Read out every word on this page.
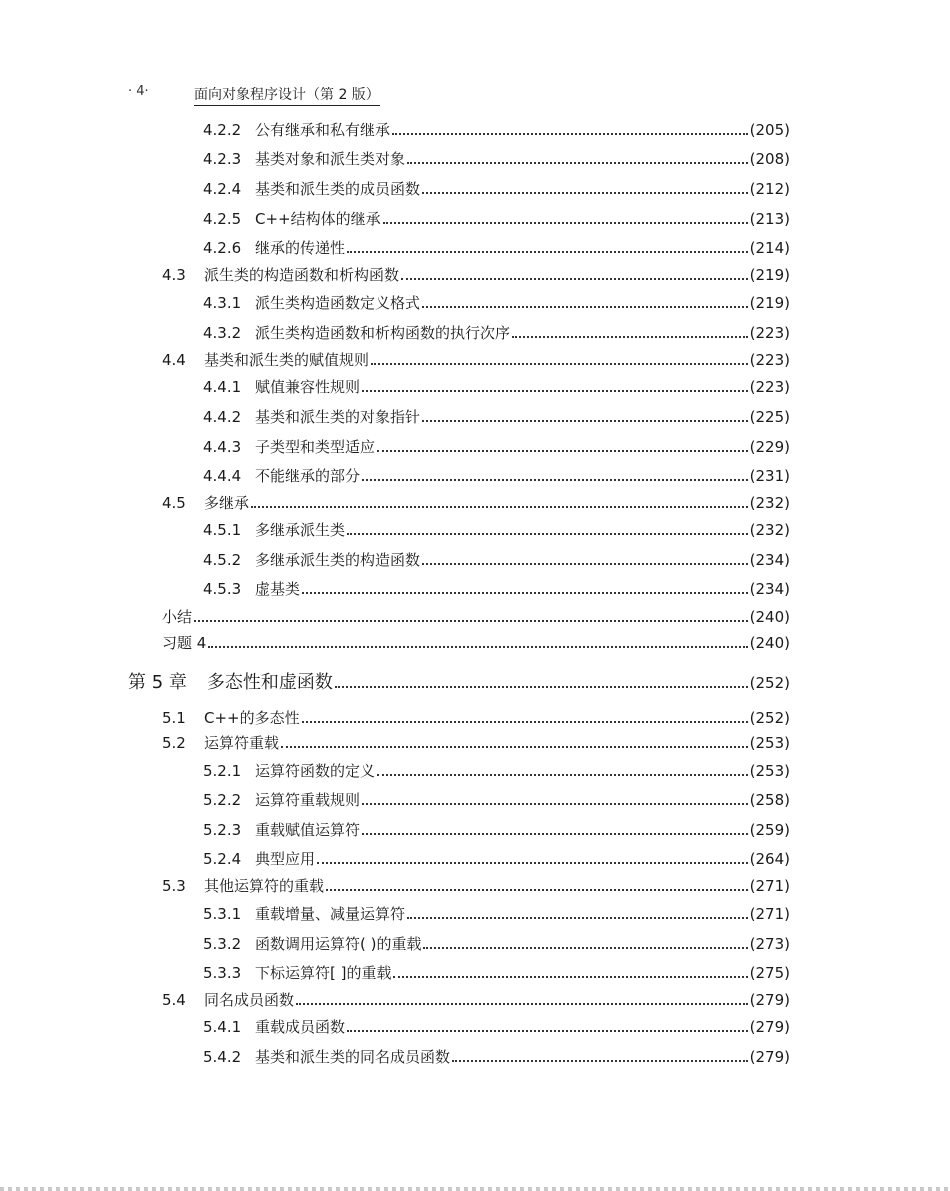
· 4·	面向对象程序设计（第 2 版）
4.2.2 公有继承和私有继承	(205)
4.2.3 基类对象和派生类对象	(208)
4.2.4 基类和派生类的成员函数	(212)
4.2.5 C++结构体的继承	(213)
4.2.6 继承的传递性	(214)
4.3 派生类的构造函数和析构函数	(219)
4.3.1 派生类构造函数定义格式	(219)
4.3.2 派生类构造函数和析构函数的执行次序	(223)
4.4 基类和派生类的赋值规则	(223)
4.4.1 赋值兼容性规则	(223)
4.4.2 基类和派生类的对象指针	(225)
4.4.3 子类型和类型适应	(229)
4.4.4 不能继承的部分	(231)
4.5 多继承	(232)
4.5.1 多继承派生类	(232)
4.5.2 多继承派生类的构造函数	(234)
4.5.3 虚基类	(234)
小结	(240)
习题 4	(240)
第 5 章 多态性和虚函数	(252)
5.1 C++的多态性	(252)
5.2 运算符重载	(253)
5.2.1 运算符函数的定义	(253)
5.2.2 运算符重载规则	(258)
5.2.3 重载赋值运算符	(259)
5.2.4 典型应用	(264)
5.3 其他运算符的重载	(271)
5.3.1 重载增量、减量运算符	(271)
5.3.2 函数调用运算符( )的重载	(273)
5.3.3 下标运算符[ ]的重载	(275)
5.4 同名成员函数	(279)
5.4.1 重载成员函数	(279)
5.4.2 基类和派生类的同名成员函数	(279)
